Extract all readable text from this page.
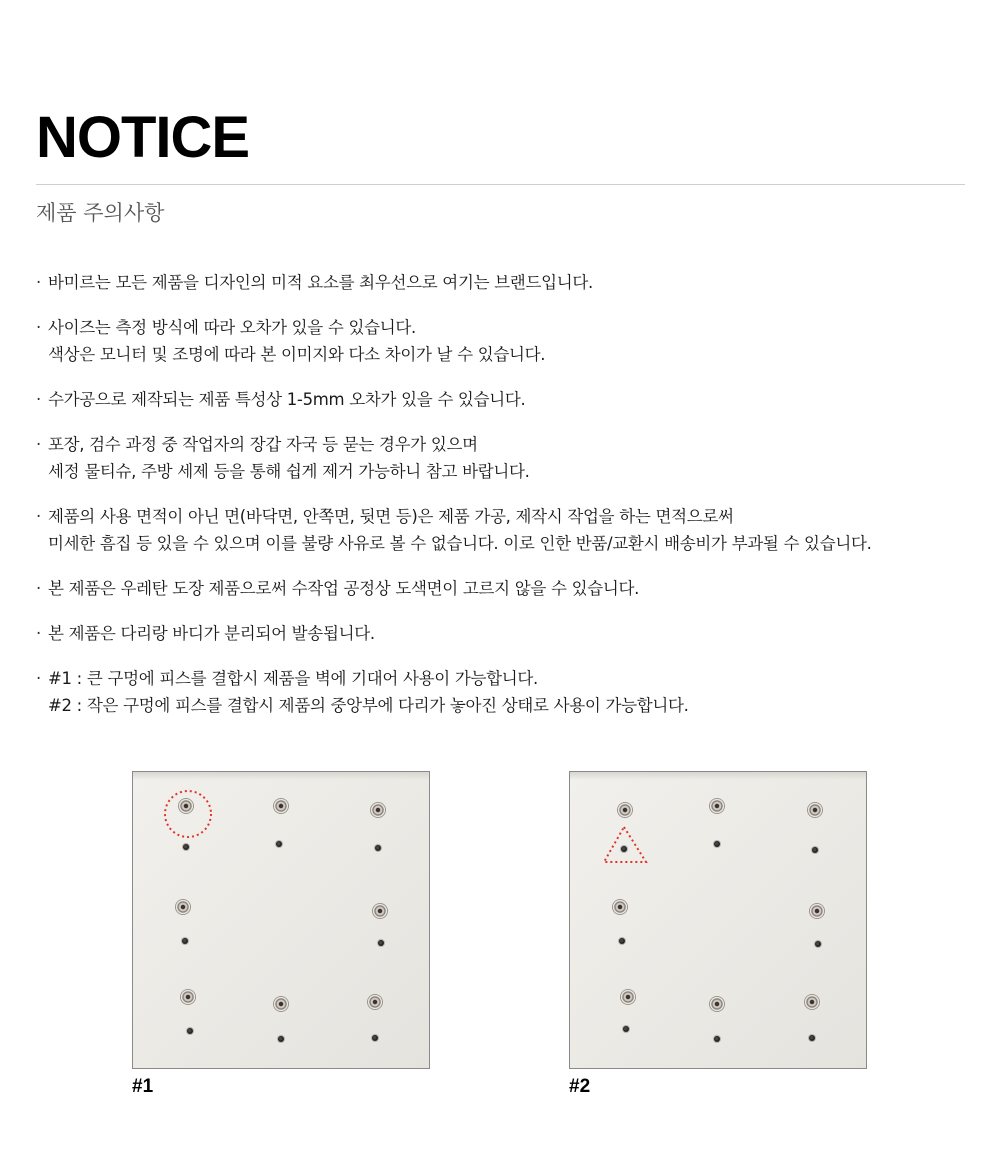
NOTICE
제품 주의사항
· 바미르는 모든 제품을 디자인의 미적 요소를 최우선으로 여기는 브랜드입니다.
· 사이즈는 측정 방식에 따라 오차가 있을 수 있습니다.
색상은 모니터 및 조명에 따라 본 이미지와 다소 차이가 날 수 있습니다.
· 수가공으로 제작되는 제품 특성상 1-5mm 오차가 있을 수 있습니다.
· 포장, 검수 과정 중 작업자의 장갑 자국 등 묻는 경우가 있으며
세정 물티슈, 주방 세제 등을 통해 쉽게 제거 가능하니 참고 바랍니다.
· 제품의 사용 면적이 아닌 면(바닥면, 안쪽면, 뒷면 등)은 제품 가공, 제작시 작업을 하는 면적으로써
미세한 흠집 등 있을 수 있으며 이를 불량 사유로 볼 수 없습니다. 이로 인한 반품/교환시 배송비가 부과될 수 있습니다.
· 본 제품은 우레탄 도장 제품으로써 수작업 공정상 도색면이 고르지 않을 수 있습니다.
· 본 제품은 다리랑 바디가 분리되어 발송됩니다.
· #1 : 큰 구멍에 피스를 결합시 제품을 벽에 기대어 사용이 가능합니다.
#2 : 작은 구멍에 피스를 결합시 제품의 중앙부에 다리가 놓아진 상태로 사용이 가능합니다.
#1	#2
